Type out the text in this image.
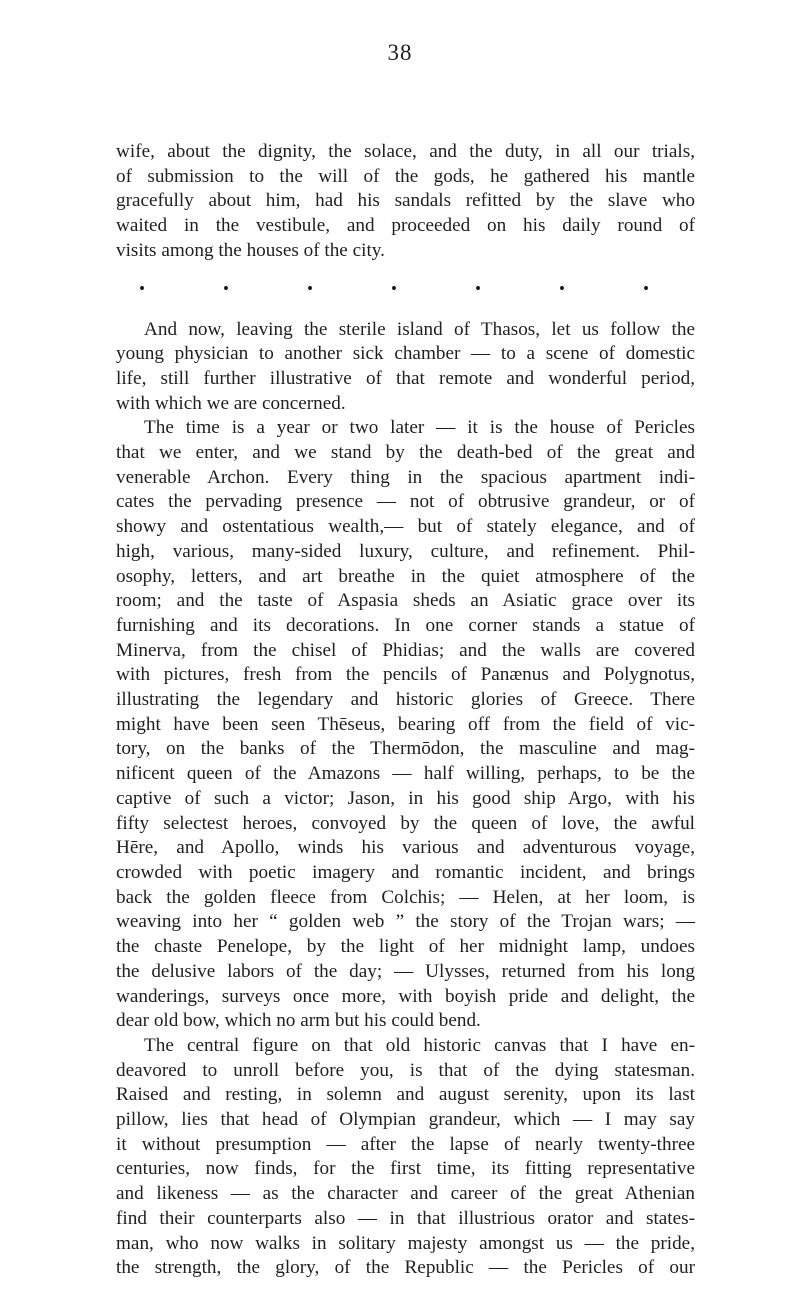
38
wife, about the dignity, the solace, and the duty, in all our trials,
of submission to the will of the gods, he gathered his mantle
gracefully about him, had his sandals refitted by the slave who
waited in the vestibule, and proceeded on his daily round of
visits among the houses of the city.
And now, leaving the sterile island of Thasos, let us follow the
young physician to another sick chamber — to a scene of domestic
life, still further illustrative of that remote and wonderful period,
with which we are concerned.
The time is a year or two later — it is the house of Pericles
that we enter, and we stand by the death-bed of the great and
venerable Archon. Every thing in the spacious apartment indi-
cates the pervading presence — not of obtrusive grandeur, or of
showy and ostentatious wealth,— but of stately elegance, and of
high, various, many-sided luxury, culture, and refinement. Phil-
osophy, letters, and art breathe in the quiet atmosphere of the
room; and the taste of Aspasia sheds an Asiatic grace over its
furnishing and its decorations. In one corner stands a statue of
Minerva, from the chisel of Phidias; and the walls are covered
with pictures, fresh from the pencils of Panænus and Polygnotus,
illustrating the legendary and historic glories of Greece. There
might have been seen Thēseus, bearing off from the field of vic-
tory, on the banks of the Thermōdon, the masculine and mag-
nificent queen of the Amazons — half willing, perhaps, to be the
captive of such a victor; Jason, in his good ship Argo, with his
fifty selectest heroes, convoyed by the queen of love, the awful
Hēre, and Apollo, winds his various and adventurous voyage,
crowded with poetic imagery and romantic incident, and brings
back the golden fleece from Colchis; — Helen, at her loom, is
weaving into her “ golden web ” the story of the Trojan wars; —
the chaste Penelope, by the light of her midnight lamp, undoes
the delusive labors of the day; — Ulysses, returned from his long
wanderings, surveys once more, with boyish pride and delight, the
dear old bow, which no arm but his could bend.
The central figure on that old historic canvas that I have en-
deavored to unroll before you, is that of the dying statesman.
Raised and resting, in solemn and august serenity, upon its last
pillow, lies that head of Olympian grandeur, which — I may say
it without presumption — after the lapse of nearly twenty-three
centuries, now finds, for the first time, its fitting representative
and likeness — as the character and career of the great Athenian
find their counterparts also — in that illustrious orator and states-
man, who now walks in solitary majesty amongst us — the pride,
the strength, the glory, of the Republic — the Pericles of our
